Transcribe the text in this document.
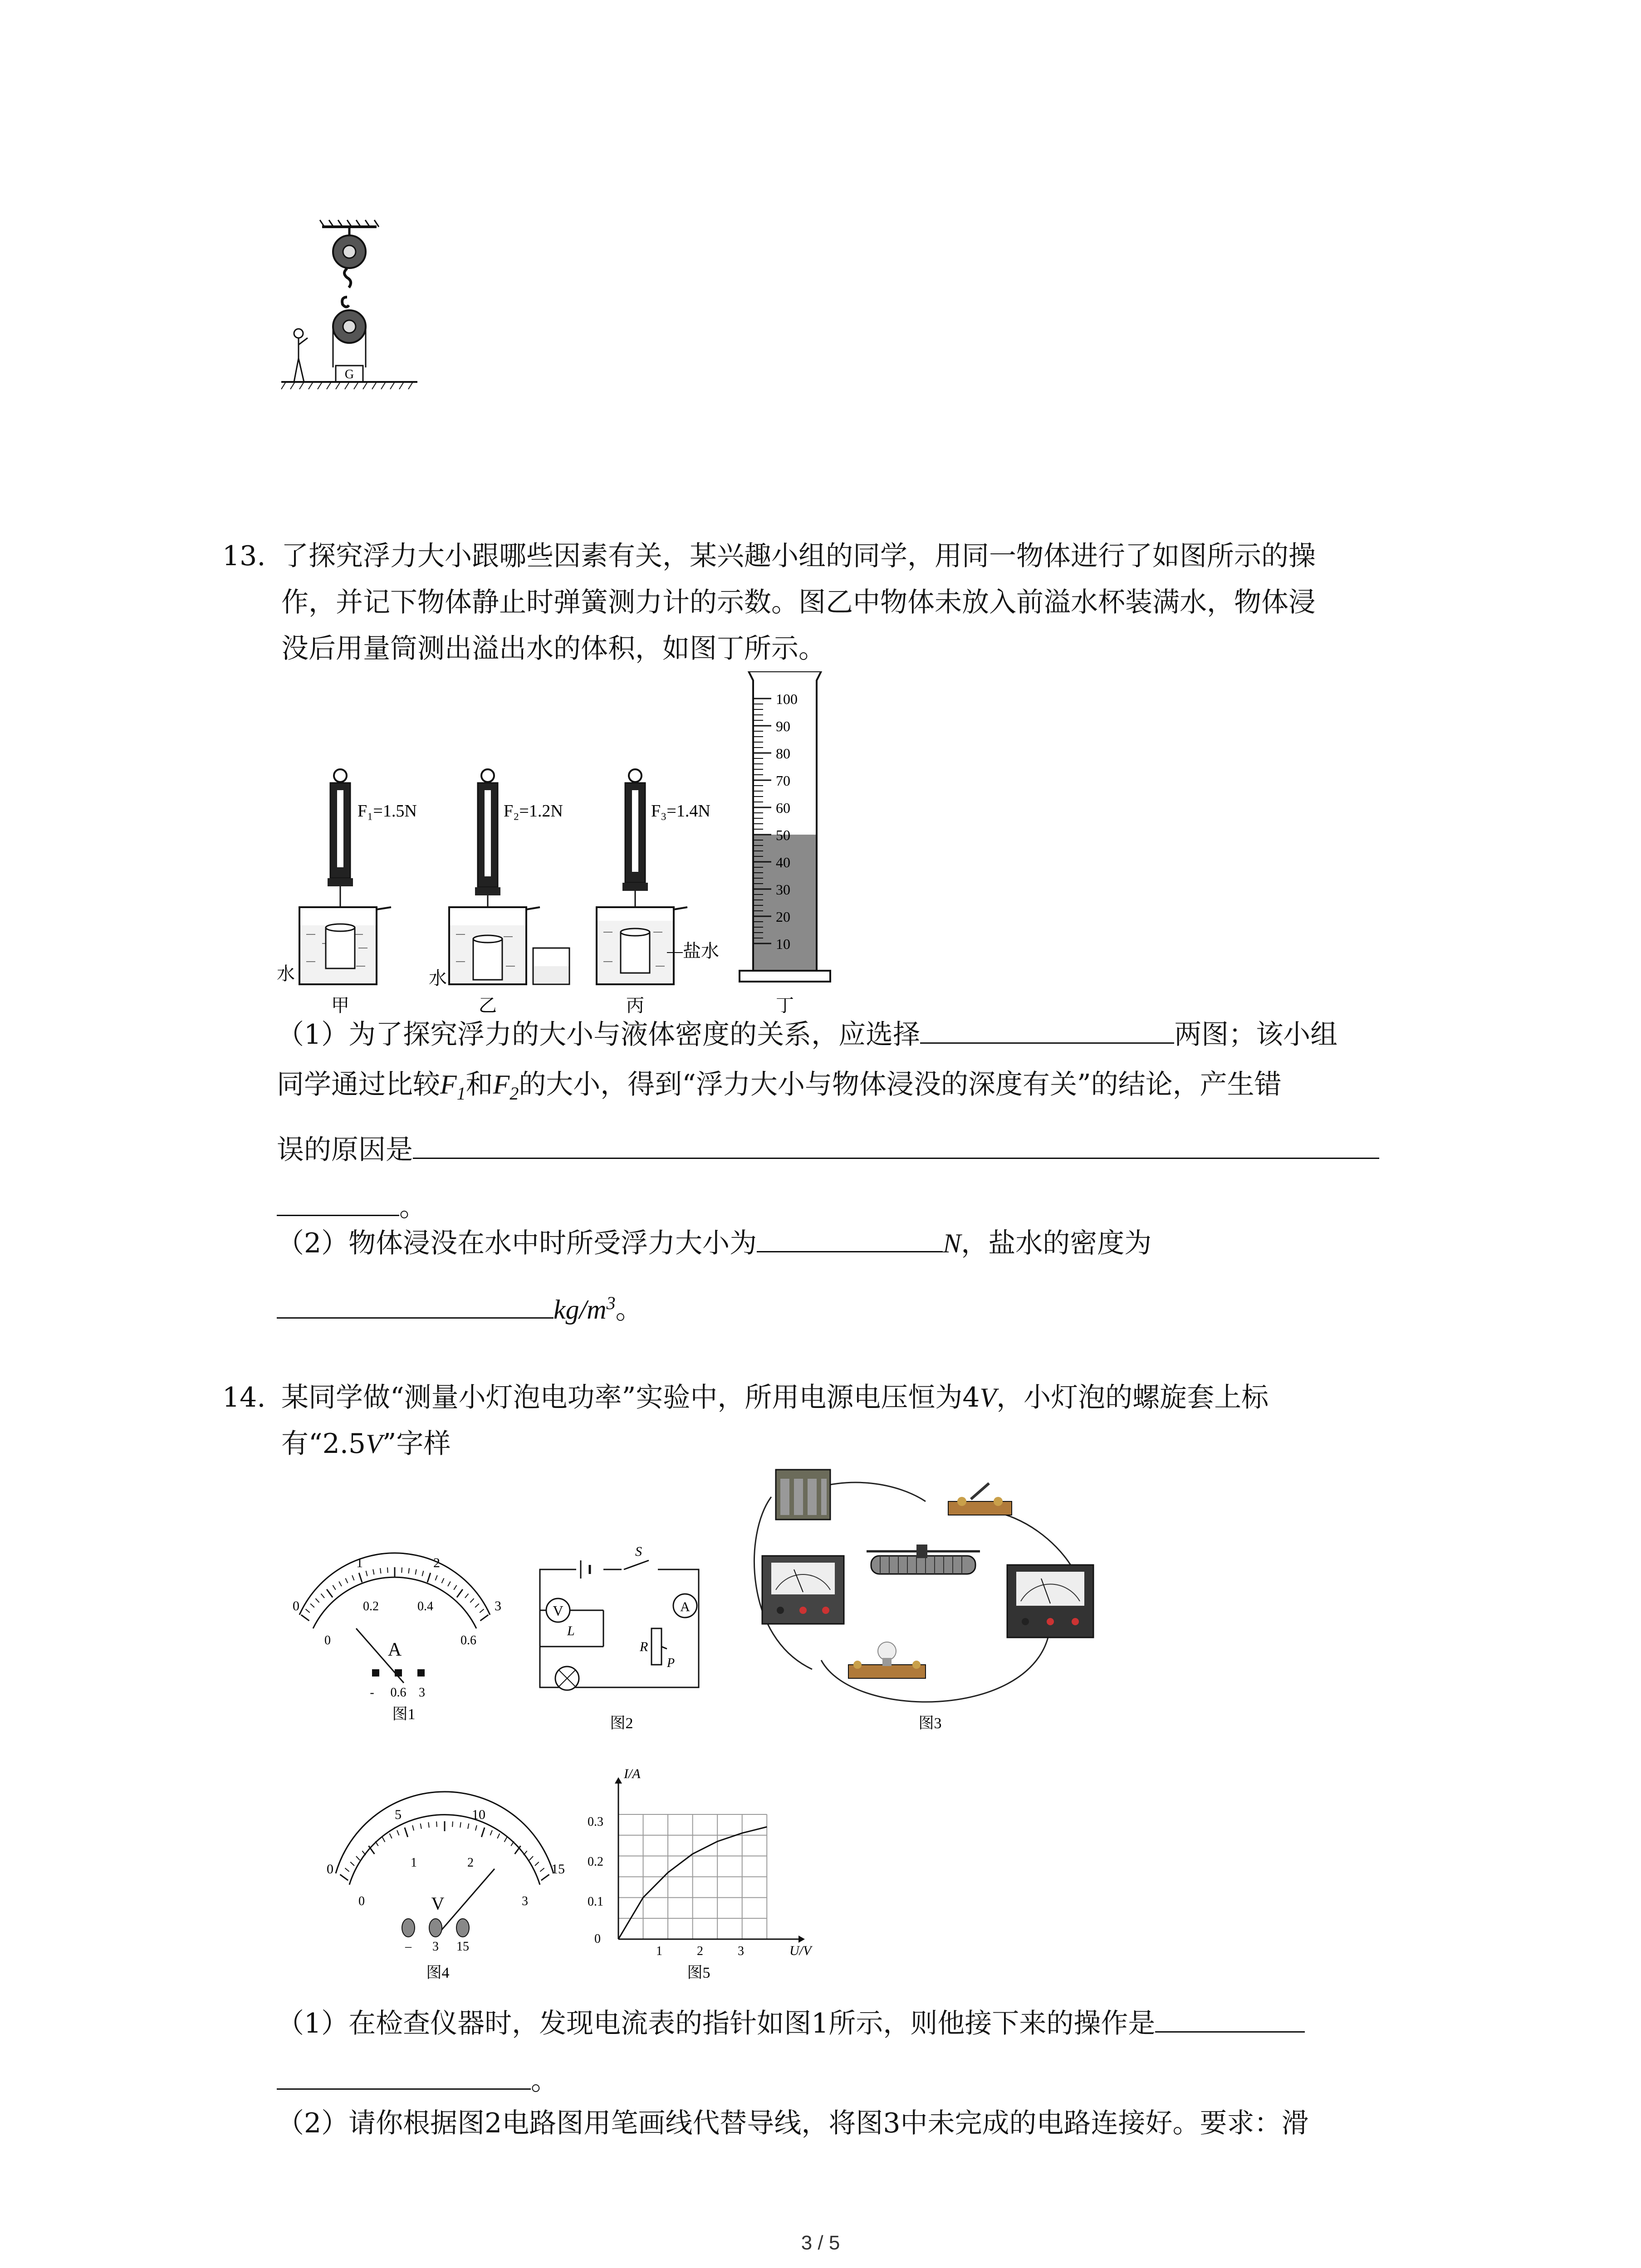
G
13. 了探究浮力大小跟哪些因素有关，某兴趣小组的同学，用同一物体进行了如图所示的操
作，并记下物体静止时弹簧测力计的示数。图乙中物体未放入前溢水杯装满水，物体浸
没后用量筒测出溢出水的体积，如图丁所示。
F₁=1.5N
水
甲
F₂=1.2N
水
乙
F₃=1.4N
盐水
丙
100
90
80
70
60
50
40
30
20
10
丁
（1）为了探究浮力的大小与液体密度的关系，应选择	两图；该小组
同学通过比较$F_1$和$F_2$的大小，得到“浮力大小与物体浸没的深度有关”的结论，产生错
误的原因是
。
（2）物体浸没在水中时所受浮力大小为	N，盐水的密度为
$kg/m^3$。
14. 某同学做“测量小灯泡电功率”实验中，所用电源电压恒为4V，小灯泡的螺旋套上标
有“2.5V”字样
0
1	2
3
0
0.2	0.4
0.6
A
- 0.6 3
图1
S
V
L
A
R
P
图2	图3
0
5	10
15
0
1	2
3
V
– 3 15
图4
I/A
U/V
0
0.1
0.2
0.3
1	2	3
图5
（1）在检查仪器时，发现电流表的指针如图1所示，则他接下来的操作是
。
（2）请你根据图2电路图用笔画线代替导线，将图3中未完成的电路连接好。要求：滑
3 / 5
